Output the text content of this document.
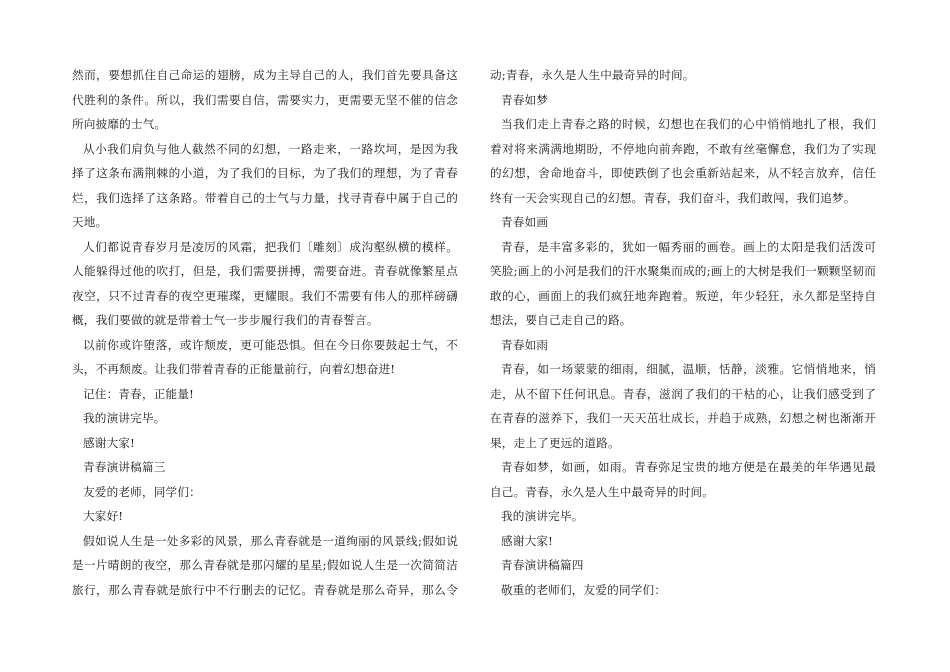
然而，要想抓住自己命运的翅膀，成为主导自己的人，我们首先要具备这
代胜利的条件。所以，我们需要自信，需要实力，更需要无坚不催的信念
所向披靡的士气。
从小我们肩负与他人截然不同的幻想，一路走来，一路坎坷，是因为我
择了这条布满荆棘的小道，为了我们的目标，为了我们的理想，为了青春
烂，我们选择了这条路。带着自己的士气与力量，找寻青春中属于自己的
天地。
人们都说青春岁月是凌厉的风霜，把我们〔雕刻〕成沟壑纵横的模样。
人能躲得过他的吹打，但是，我们需要拼搏，需要奋进。青春就像繁星点
夜空，只不过青春的夜空更璀璨，更耀眼。我们不需要有伟人的那样磅礴
概，我们要做的就是带着士气一步步履行我们的青春誓言。
以前你或许堕落，或许颓废，更可能恐惧。但在今日你要鼓起士气，不
头，不再颓废。让我们带着青春的正能量前行，向着幻想奋进!
记住：青春，正能量!
我的演讲完毕。
感谢大家!
青春演讲稿篇三
友爱的老师，同学们：
大家好!
假如说人生是一处多彩的风景，那么青春就是一道绚丽的风景线;假如说
是一片晴朗的夜空，那么青春就是那闪耀的星星;假如说人生是一次简简洁
旅行，那么青春就是旅行中不行删去的记忆。青春就是那么奇异，那么令
动;青春，永久是人生中最奇异的时间。
青春如梦
当我们走上青春之路的时候，幻想也在我们的心中悄悄地扎了根，我们
着对将来满满地期盼，不停地向前奔跑，不敢有丝毫懈怠，我们为了实现
的幻想，舍命地奋斗，即使跌倒了也会重新站起来，从不轻言放弃，信任
终有一天会实现自己的幻想。青春，我们奋斗，我们敢闯，我们追梦。
青春如画
青春，是丰富多彩的，犹如一幅秀丽的画卷。画上的太阳是我们活泼可
笑脸;画上的小河是我们的汗水聚集而成的;画上的大树是我们一颗颗坚韧而
敢的心，画面上的我们疯狂地奔跑着。叛逆，年少轻狂，永久都是坚持自
想法，要自己走自己的路。
青春如雨
青春，如一场蒙蒙的细雨，细腻，温顺，恬静，淡雅。它悄悄地来，悄
走，从不留下任何讯息。青春，滋润了我们的干枯的心，让我们感受到了
在青春的滋养下，我们一天天茁壮成长，并趋于成熟，幻想之树也渐渐开
果，走上了更远的道路。
青春如梦，如画，如雨。青春弥足宝贵的地方便是在最美的年华遇见最
自己。青春，永久是人生中最奇异的时间。
我的演讲完毕。
感谢大家!
青春演讲稿篇四
敬重的老师们，友爱的同学们：
